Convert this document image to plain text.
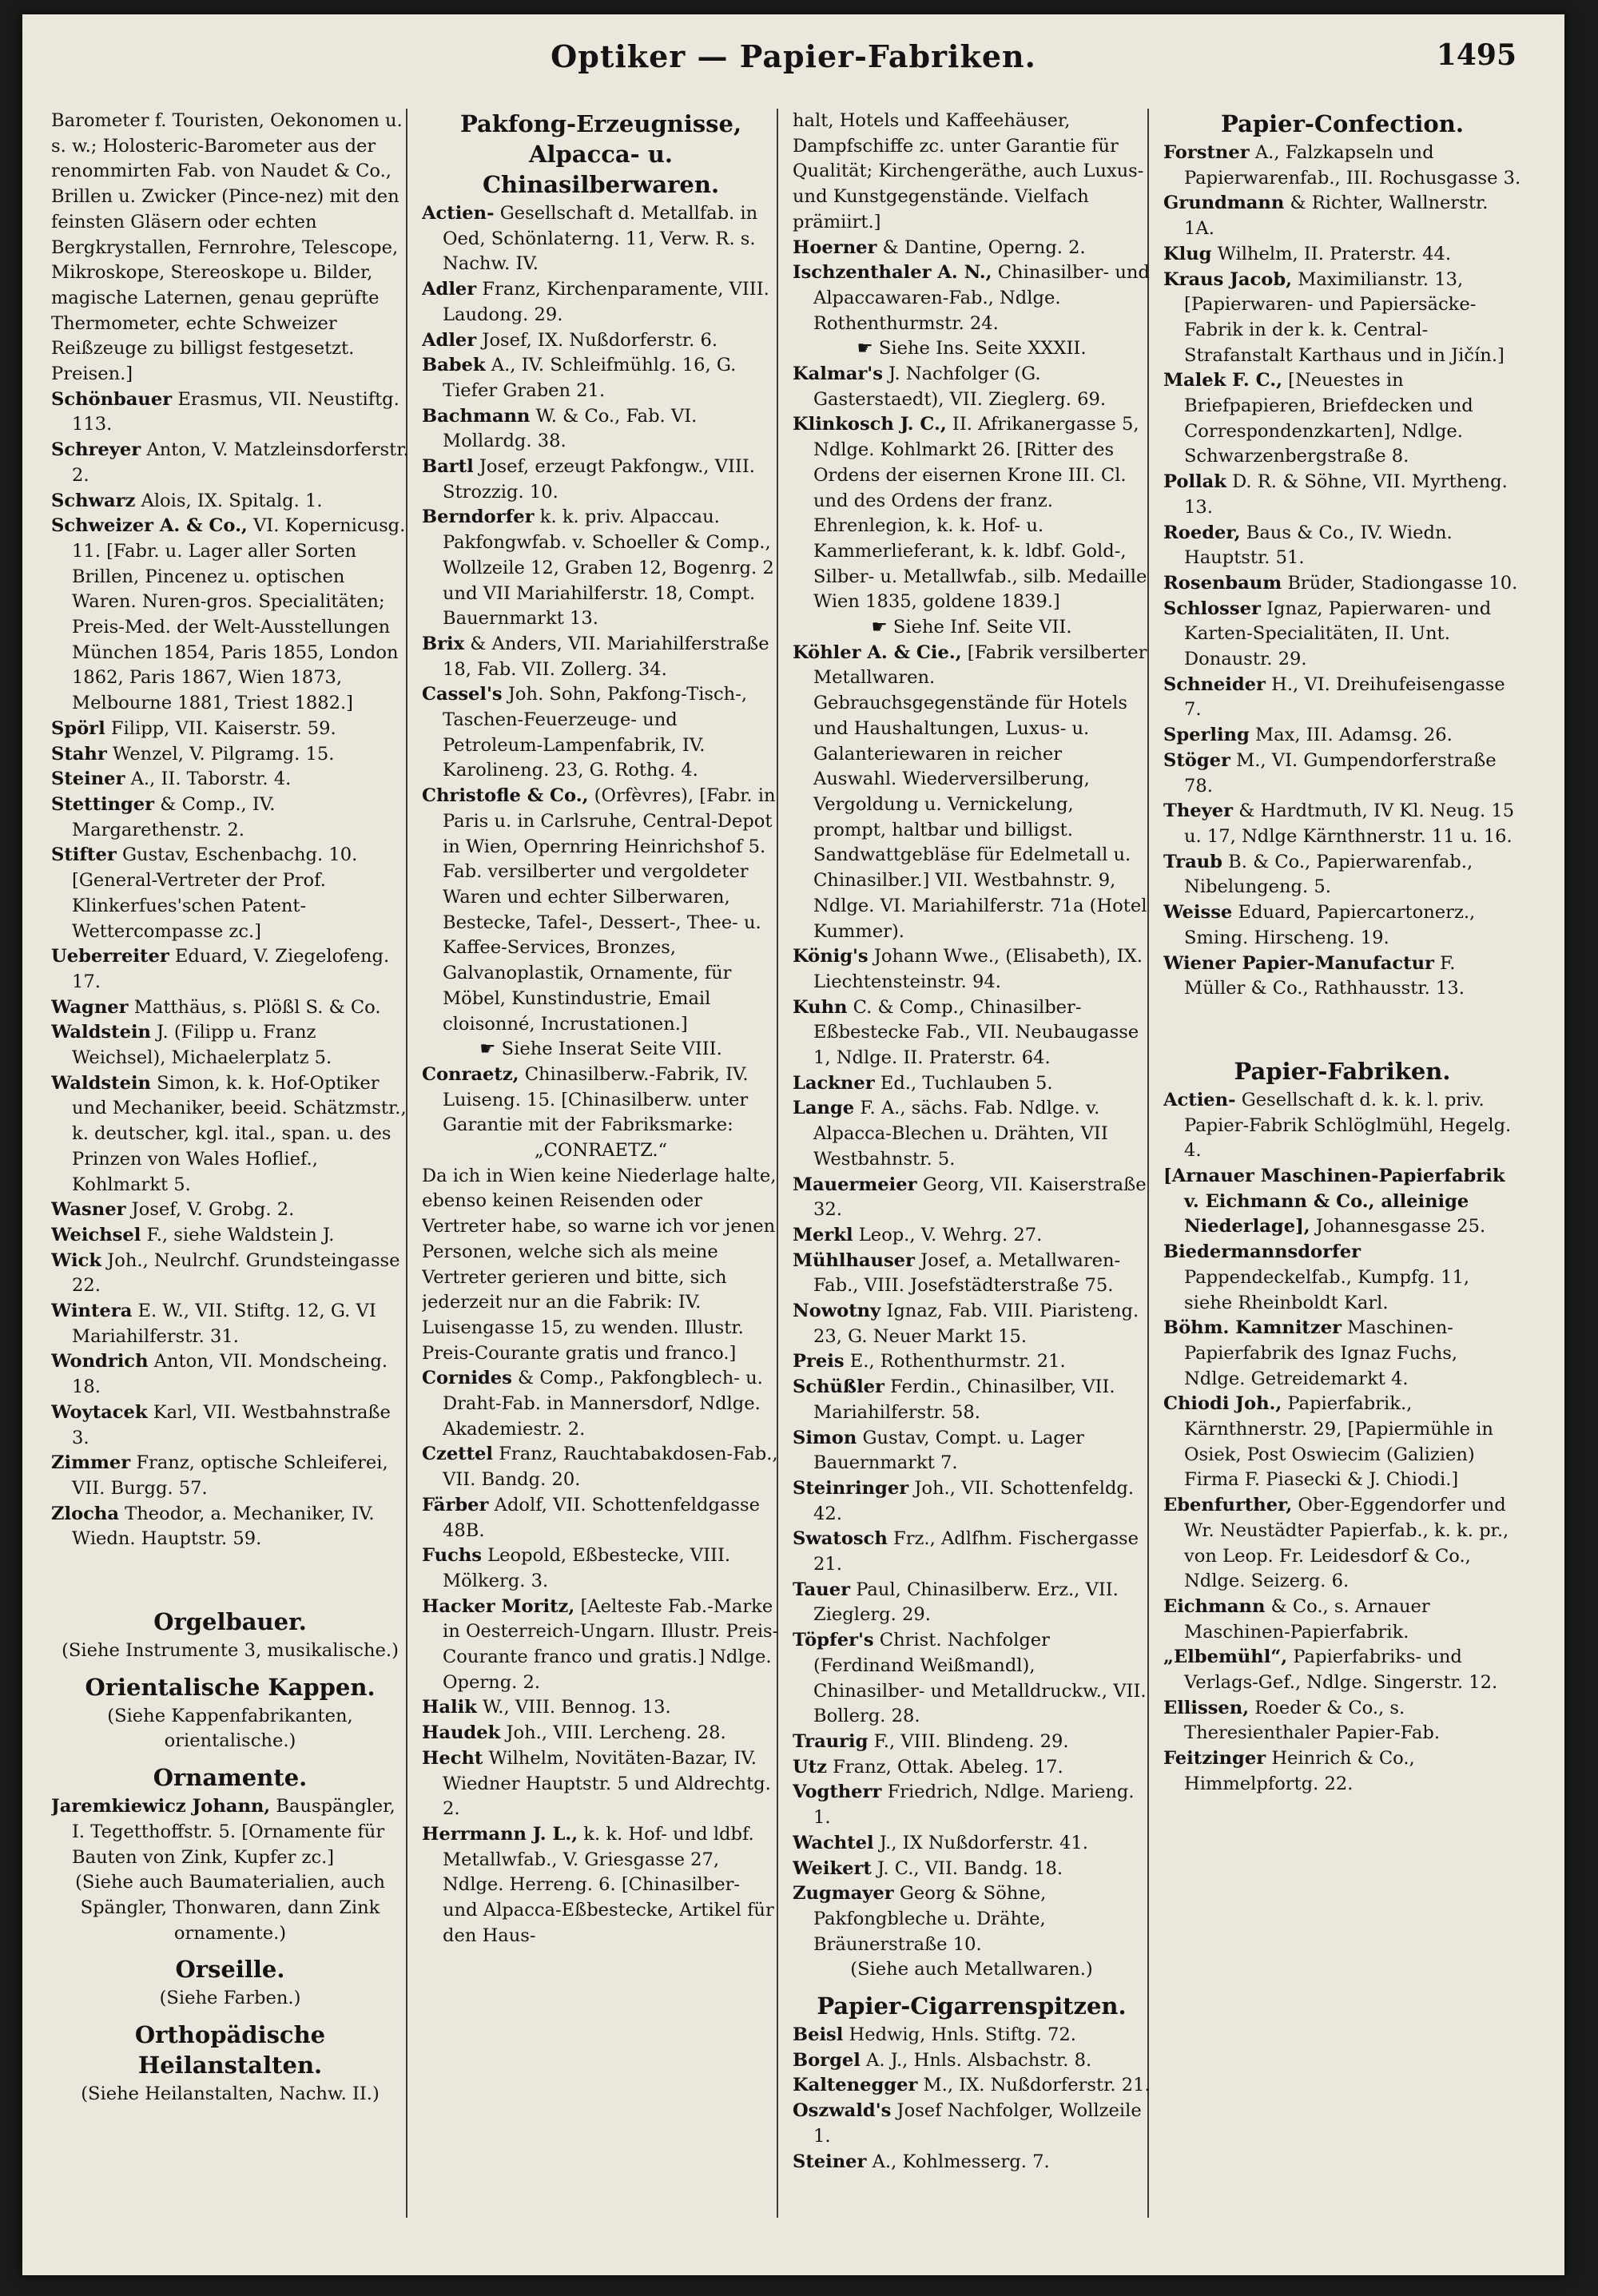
Optiker — Papier-Fabriken.	1495
Barometer f. Touristen, Oekonomen u. s. w.; Holosteric-Barometer aus der renommirten Fab. von Naudet & Co., Brillen u. Zwicker (Pince-nez) mit den feinsten Gläsern oder echten Bergkrystallen, Fernrohre, Telescope, Mikroskope, Stereoskope u. Bilder, magische Laternen, genau geprüfte Thermometer, echte Schweizer Reißzeuge zu billigst festgesetzt. Preisen.]
Schönbauer Erasmus, VII. Neustiftg. 113.
Schreyer Anton, V. Matzleinsdorferstr. 2.
Schwarz Alois, IX. Spitalg. 1.
Schweizer A. & Co., VI. Kopernicusg. 11. [Fabr. u. Lager aller Sorten Brillen, Pincenez u. optischen Waren. Nuren-gros. Specialitäten; Preis-Med. der Welt-Ausstellungen München 1854, Paris 1855, London 1862, Paris 1867, Wien 1873, Melbourne 1881, Triest 1882.]
Spörl Filipp, VII. Kaiserstr. 59.
Stahr Wenzel, V. Pilgramg. 15.
Steiner A., II. Taborstr. 4.
Stettinger & Comp., IV. Margarethenstr. 2.
Stifter Gustav, Eschenbachg. 10. [General-Vertreter der Prof. Klinkerfues'schen Patent-Wettercompasse zc.]
Ueberreiter Eduard, V. Ziegelofeng. 17.
Wagner Matthäus, s. Plößl S. & Co.
Waldstein J. (Filipp u. Franz Weichsel), Michaelerplatz 5.
Waldstein Simon, k. k. Hof-Optiker und Mechaniker, beeid. Schätzmstr., k. deutscher, kgl. ital., span. u. des Prinzen von Wales Hoflief., Kohlmarkt 5.
Wasner Josef, V. Grobg. 2.
Weichsel F., siehe Waldstein J.
Wick Joh., Neulrchf. Grundsteingasse 22.
Wintera E. W., VII. Stiftg. 12, G. VI Mariahilferstr. 31.
Wondrich Anton, VII. Mondscheing. 18.
Woytacek Karl, VII. Westbahnstraße 3.
Zimmer Franz, optische Schleiferei, VII. Burgg. 57.
Zlocha Theodor, a. Mechaniker, IV. Wiedn. Hauptstr. 59.
Orgelbauer.
(Siehe Instrumente 3, musikalische.)
Orientalische Kappen.
(Siehe Kappenfabrikanten, orientalische.)
Ornamente.
Jaremkiewicz Johann, Bauspängler, I. Tegetthoffstr. 5. [Ornamente für Bauten von Zink, Kupfer zc.]
(Siehe auch Baumaterialien, auch Spängler, Thonwaren, dann Zink ornamente.)
Orseille.
(Siehe Farben.)
Orthopädische Heilanstalten.
(Siehe Heilanstalten, Nachw. II.)
Pakfong-Erzeugnisse, Alpacca- u. Chinasilberwaren.
Actien- Gesellschaft d. Metallfab. in Oed, Schönlaterng. 11, Verw. R. s. Nachw. IV.
Adler Franz, Kirchenparamente, VIII. Laudong. 29.
Adler Josef, IX. Nußdorferstr. 6.
Babek A., IV. Schleifmühlg. 16, G. Tiefer Graben 21.
Bachmann W. & Co., Fab. VI. Mollardg. 38.
Bartl Josef, erzeugt Pakfongw., VIII. Strozzig. 10.
Berndorfer k. k. priv. Alpaccau. Pakfongwfab. v. Schoeller & Comp., Wollzeile 12, Graben 12, Bogenrg. 2 und VII Mariahilferstr. 18, Compt. Bauernmarkt 13.
Brix & Anders, VII. Mariahilferstraße 18, Fab. VII. Zollerg. 34.
Cassel's Joh. Sohn, Pakfong-Tisch-, Taschen-Feuerzeuge- und Petroleum-Lampenfabrik, IV. Karolineng. 23, G. Rothg. 4.
Christofle & Co., (Orfèvres), [Fabr. in Paris u. in Carlsruhe, Central-Depot in Wien, Opernring Heinrichshof 5. Fab. versilberter und vergoldeter Waren und echter Silberwaren, Bestecke, Tafel-, Dessert-, Thee- u. Kaffee-Services, Bronzes, Galvanoplastik, Ornamente, für Möbel, Kunstindustrie, Email cloisonné, Incrustationen.]
☛ Siehe Inserat Seite VIII.
Conraetz, Chinasilberw.-Fabrik, IV. Luiseng. 15. [Chinasilberw. unter Garantie mit der Fabriksmarke:
„CONRAETZ.“
Da ich in Wien keine Niederlage halte, ebenso keinen Reisenden oder Vertreter habe, so warne ich vor jenen Personen, welche sich als meine Vertreter gerieren und bitte, sich jederzeit nur an die Fabrik: IV. Luisengasse 15, zu wenden. Illustr. Preis-Courante gratis und franco.]
Cornides & Comp., Pakfongblech- u. Draht-Fab. in Mannersdorf, Ndlge. Akademiestr. 2.
Czettel Franz, Rauchtabakdosen-Fab., VII. Bandg. 20.
Färber Adolf, VII. Schottenfeldgasse 48B.
Fuchs Leopold, Eßbestecke, VIII. Mölkerg. 3.
Hacker Moritz, [Aelteste Fab.-Marke in Oesterreich-Ungarn. Illustr. Preis-Courante franco und gratis.] Ndlge. Operng. 2.
Halik W., VIII. Bennog. 13.
Haudek Joh., VIII. Lercheng. 28.
Hecht Wilhelm, Novitäten-Bazar, IV. Wiedner Hauptstr. 5 und Aldrechtg. 2.
Herrmann J. L., k. k. Hof- und ldbf. Metallwfab., V. Griesgasse 27, Ndlge. Herreng. 6. [Chinasilber- und Alpacca-Eßbestecke, Artikel für den Haus-
halt, Hotels und Kaffeehäuser, Dampfschiffe zc. unter Garantie für Qualität; Kirchengeräthe, auch Luxus- und Kunstgegenstände. Vielfach prämiirt.]
Hoerner & Dantine, Operng. 2.
Ischzenthaler A. N., Chinasilber- und Alpaccawaren-Fab., Ndlge. Rothenthurmstr. 24.
☛ Siehe Ins. Seite XXXII.
Kalmar's J. Nachfolger (G. Gasterstaedt), VII. Zieglerg. 69.
Klinkosch J. C., II. Afrikanergasse 5, Ndlge. Kohlmarkt 26. [Ritter des Ordens der eisernen Krone III. Cl. und des Ordens der franz. Ehrenlegion, k. k. Hof- u. Kammerlieferant, k. k. ldbf. Gold-, Silber- u. Metallwfab., silb. Medaille Wien 1835, goldene 1839.]
☛ Siehe Inf. Seite VII.
Köhler A. & Cie., [Fabrik versilberter Metallwaren. Gebrauchsgegenstände für Hotels und Haushaltungen, Luxus- u. Galanteriewaren in reicher Auswahl. Wiederversilberung, Vergoldung u. Vernickelung, prompt, haltbar und billigst. Sandwattgebläse für Edelmetall u. Chinasilber.] VII. Westbahnstr. 9, Ndlge. VI. Mariahilferstr. 71a (Hotel Kummer).
König's Johann Wwe., (Elisabeth), IX. Liechtensteinstr. 94.
Kuhn C. & Comp., Chinasilber-Eßbestecke Fab., VII. Neubaugasse 1, Ndlge. II. Praterstr. 64.
Lackner Ed., Tuchlauben 5.
Lange F. A., sächs. Fab. Ndlge. v. Alpacca-Blechen u. Drähten, VII Westbahnstr. 5.
Mauermeier Georg, VII. Kaiserstraße 32.
Merkl Leop., V. Wehrg. 27.
Mühlhauser Josef, a. Metallwaren-Fab., VIII. Josefstädterstraße 75.
Nowotny Ignaz, Fab. VIII. Piaristeng. 23, G. Neuer Markt 15.
Preis E., Rothenthurmstr. 21.
Schüßler Ferdin., Chinasilber, VII. Mariahilferstr. 58.
Simon Gustav, Compt. u. Lager Bauernmarkt 7.
Steinringer Joh., VII. Schottenfeldg. 42.
Swatosch Frz., Adlfhm. Fischergasse 21.
Tauer Paul, Chinasilberw. Erz., VII. Zieglerg. 29.
Töpfer's Christ. Nachfolger (Ferdinand Weißmandl), Chinasilber- und Metalldruckw., VII. Bollerg. 28.
Traurig F., VIII. Blindeng. 29.
Utz Franz, Ottak. Abeleg. 17.
Vogtherr Friedrich, Ndlge. Marieng. 1.
Wachtel J., IX Nußdorferstr. 41.
Weikert J. C., VII. Bandg. 18.
Zugmayer Georg & Söhne, Pakfongbleche u. Drähte, Bräunerstraße 10.
(Siehe auch Metallwaren.)
Papier-Cigarrenspitzen.
Beisl Hedwig, Hnls. Stiftg. 72.
Borgel A. J., Hnls. Alsbachstr. 8.
Kaltenegger M., IX. Nußdorferstr. 21.
Oszwald's Josef Nachfolger, Wollzeile 1.
Steiner A., Kohlmesserg. 7.
Papier-Confection.
Forstner A., Falzkapseln und Papierwarenfab., III. Rochusgasse 3.
Grundmann & Richter, Wallnerstr. 1A.
Klug Wilhelm, II. Praterstr. 44.
Kraus Jacob, Maximilianstr. 13, [Papierwaren- und Papiersäcke-Fabrik in der k. k. Central-Strafanstalt Karthaus und in Jičín.]
Malek F. C., [Neuestes in Briefpapieren, Briefdecken und Correspondenzkarten], Ndlge. Schwarzenbergstraße 8.
Pollak D. R. & Söhne, VII. Myrtheng. 13.
Roeder, Baus & Co., IV. Wiedn. Hauptstr. 51.
Rosenbaum Brüder, Stadiongasse 10.
Schlosser Ignaz, Papierwaren- und Karten-Specialitäten, II. Unt. Donaustr. 29.
Schneider H., VI. Dreihufeisengasse 7.
Sperling Max, III. Adamsg. 26.
Stöger M., VI. Gumpendorferstraße 78.
Theyer & Hardtmuth, IV Kl. Neug. 15 u. 17, Ndlge Kärnthnerstr. 11 u. 16.
Traub B. & Co., Papierwarenfab., Nibelungeng. 5.
Weisse Eduard, Papiercartonerz., Sming. Hirscheng. 19.
Wiener Papier-Manufactur F. Müller & Co., Rathhausstr. 13.
Papier-Fabriken.
Actien- Gesellschaft d. k. k. l. priv. Papier-Fabrik Schlöglmühl, Hegelg. 4.
[Arnauer Maschinen-Papierfabrik v. Eichmann & Co., alleinige Niederlage], Johannesgasse 25.
Biedermannsdorfer Pappendeckelfab., Kumpfg. 11, siehe Rheinboldt Karl.
Böhm. Kamnitzer Maschinen-Papierfabrik des Ignaz Fuchs, Ndlge. Getreidemarkt 4.
Chiodi Joh., Papierfabrik., Kärnthnerstr. 29, [Papiermühle in Osiek, Post Oswiecim (Galizien) Firma F. Piasecki & J. Chiodi.]
Ebenfurther, Ober-Eggendorfer und Wr. Neustädter Papierfab., k. k. pr., von Leop. Fr. Leidesdorf & Co., Ndlge. Seizerg. 6.
Eichmann & Co., s. Arnauer Maschinen-Papierfabrik.
„Elbemühl“, Papierfabriks- und Verlags-Gef., Ndlge. Singerstr. 12.
Ellissen, Roeder & Co., s. Theresienthaler Papier-Fab.
Feitzinger Heinrich & Co., Himmelpfortg. 22.
